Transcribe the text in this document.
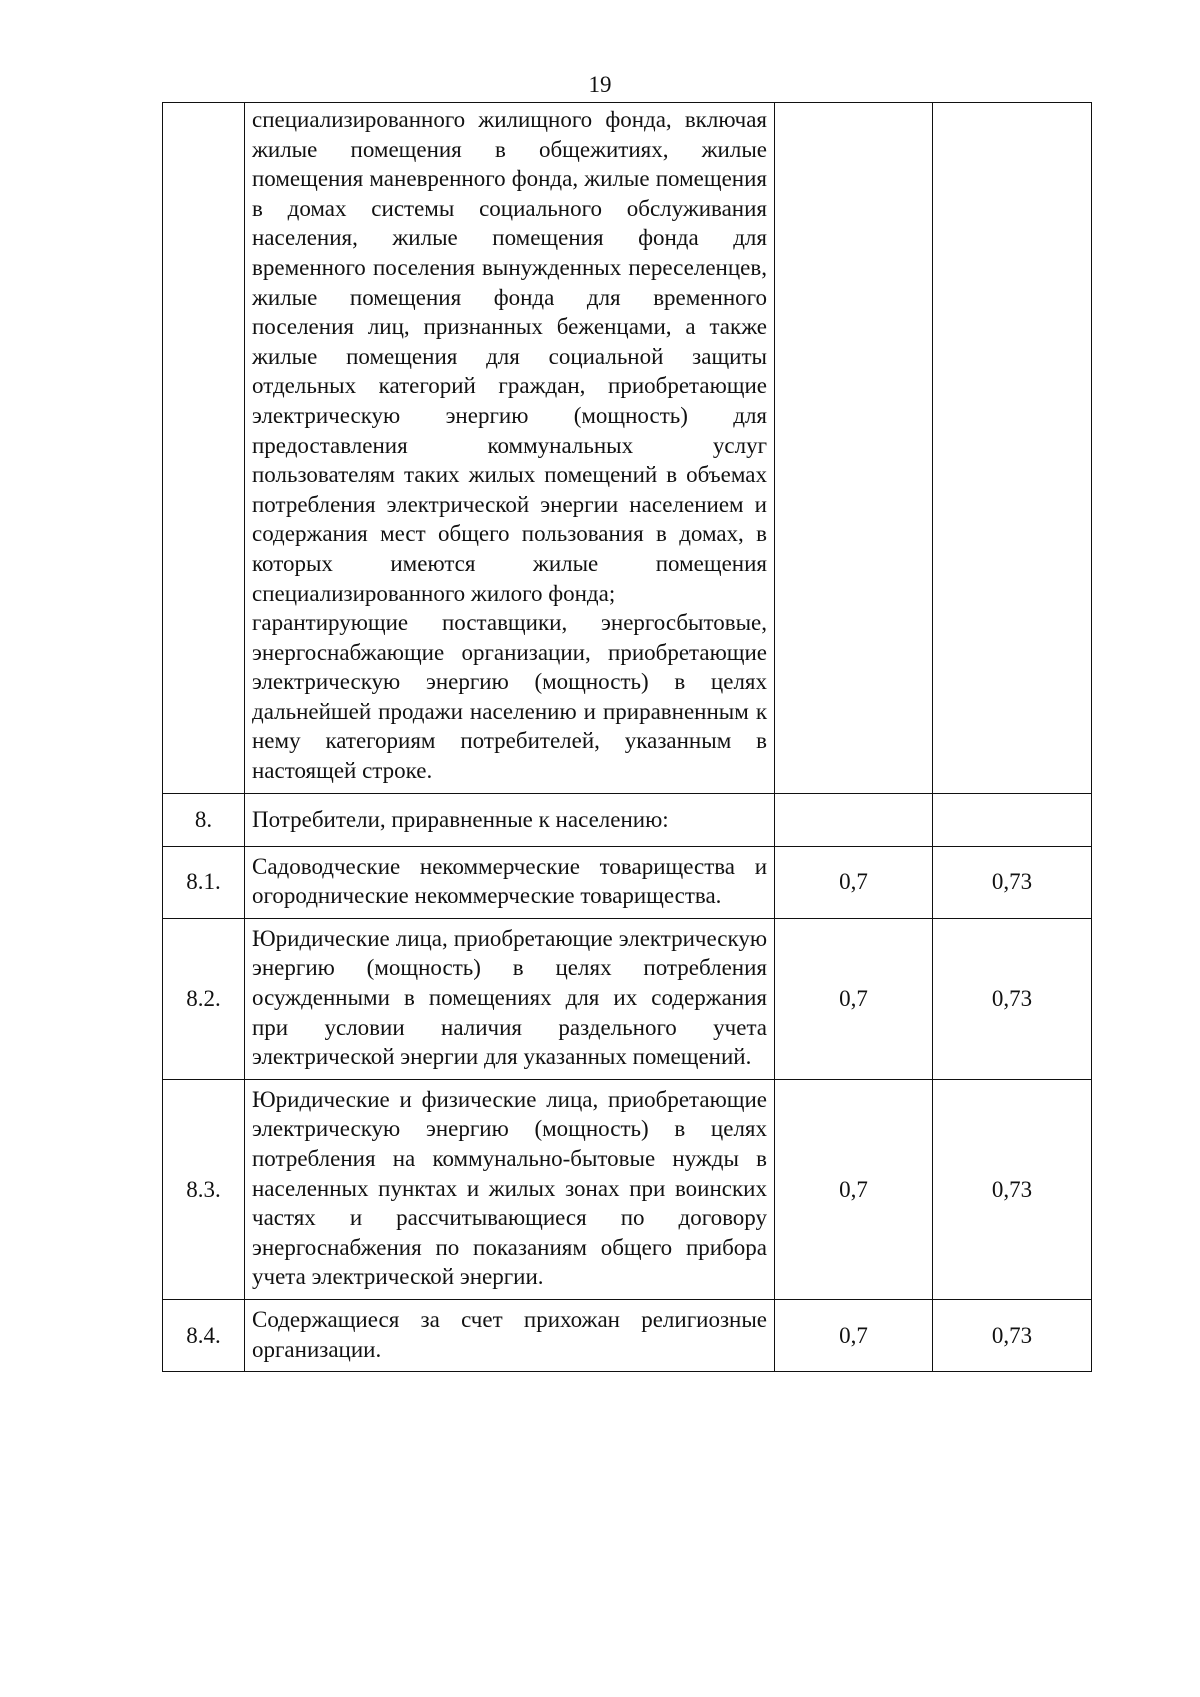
19

	специализированного жилищного фонда, включая жилые помещения в общежитиях, жилые помещения маневренного фонда, жилые помещения в домах системы социального обслуживания населения, жилые помещения фонда для временного поселения вынужденных переселенцев, жилые помещения фонда для временного поселения лиц, признанных беженцами, а также жилые помещения для социальной защиты отдельных категорий граждан, приобретающие электрическую энергию (мощность) для предоставления коммунальных услуг пользователям таких жилых помещений в объемах потребления электрической энергии населением и содержания мест общего пользования в домах, в которых имеются жилые помещения специализированного жилого фонда;

гарантирующие поставщики, энергосбытовые, энергоснабжающие организации, приобретающие электрическую энергию (мощность) в целях дальнейшей продажи населению и приравненным к нему категориям потребителей, указанным в настоящей строке.		

8.	Потребители, приравненные к населению:		
8.1.	Садоводческие некоммерческие товарищества и огороднические некоммерческие товарищества.	0,7	0,73
8.2.	Юридические лица, приобретающие электрическую энергию (мощность) в целях потребления осужденными в помещениях для их содержания при условии наличия раздельного учета электрической энергии для указанных помещений.	0,7	0,73
8.3.	Юридические и физические лица, приобретающие электрическую энергию (мощность) в целях потребления на коммунально-бытовые нужды в населенных пунктах и жилых зонах при воинских частях и рассчитывающиеся по договору энергоснабжения по показаниям общего прибора учета электрической энергии.	0,7	0,73
8.4.	Содержащиеся за счет прихожан религиозные организации.	0,7	0,73
